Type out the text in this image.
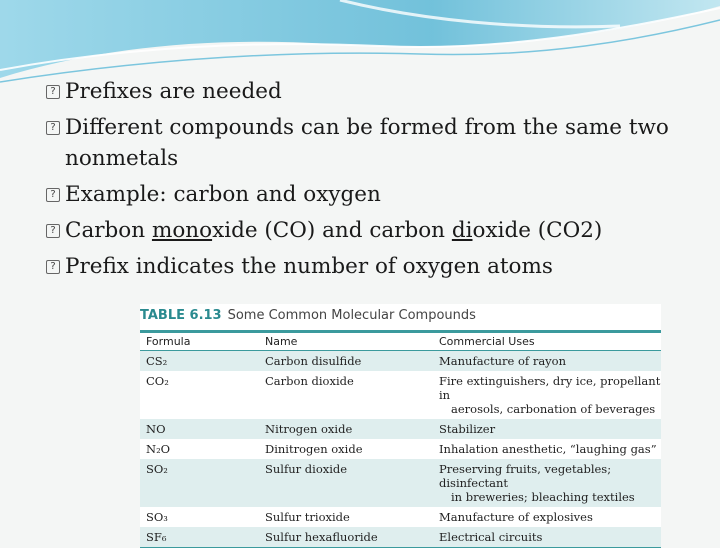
? Prefixes are needed
? Different compounds can be formed from the same two nonmetals
? Example: carbon and oxygen
? Carbon monoxide (CO) and carbon dioxide (CO2)
? Prefix indicates the number of oxygen atoms
TABLE 6.13 Some Common Molecular Compounds
Formula	Name	Commercial Uses
CS₂	Carbon disulfide	Manufacture of rayon
CO₂	Carbon dioxide	Fire extinguishers, dry ice, propellant in
aerosols, carbonation of beverages
NO	Nitrogen oxide	Stabilizer
N₂O	Dinitrogen oxide	Inhalation anesthetic, “laughing gas”
SO₂	Sulfur dioxide	Preserving fruits, vegetables; disinfectant
in breweries; bleaching textiles
SO₃	Sulfur trioxide	Manufacture of explosives
SF₆	Sulfur hexafluoride	Electrical circuits
